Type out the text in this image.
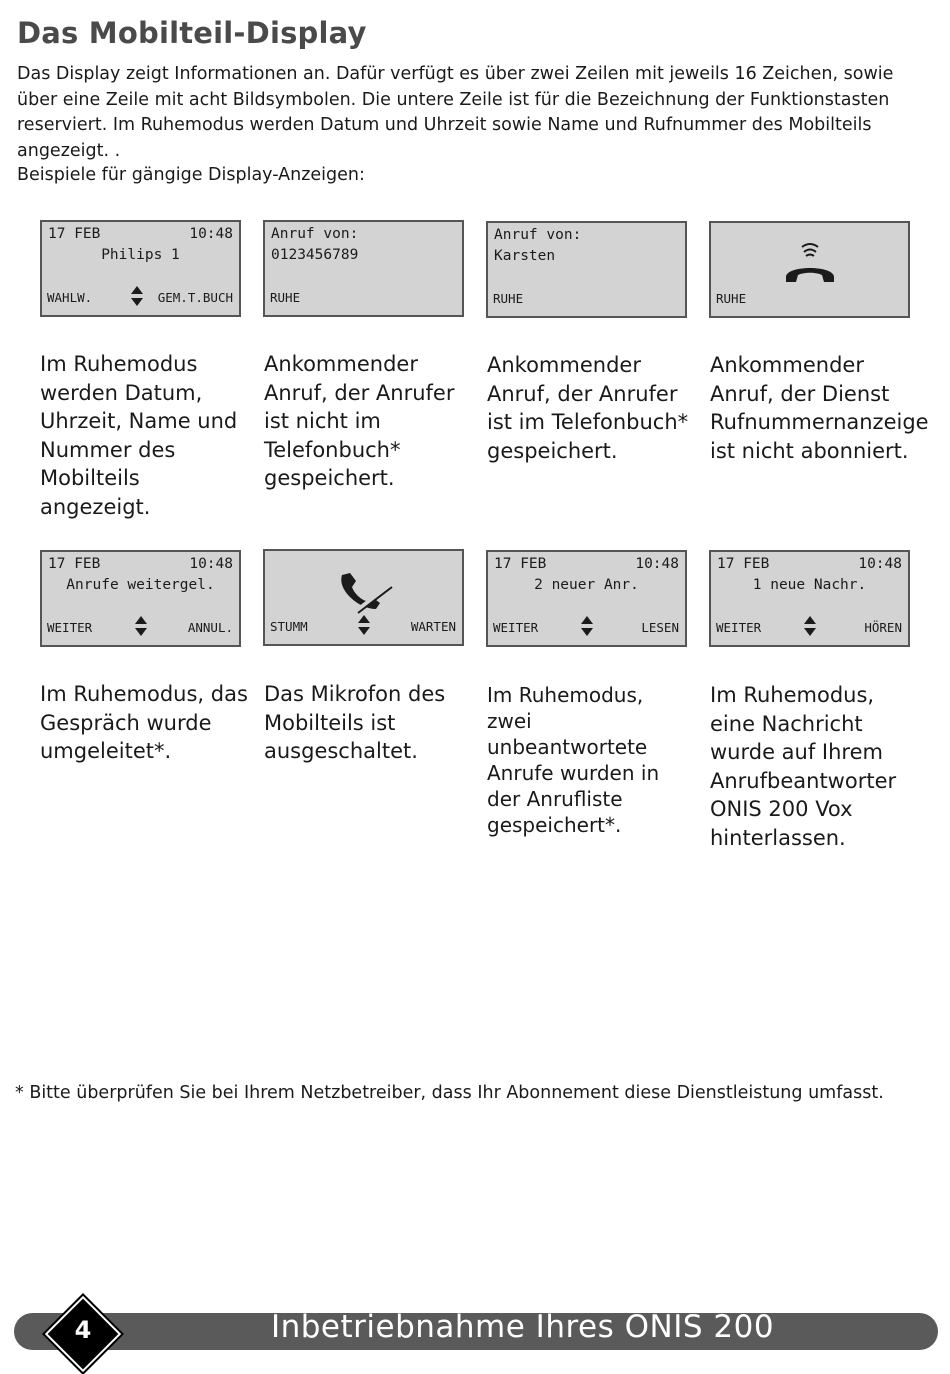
Das Mobilteil-Display

Das Display zeigt Informationen an. Dafür verfügt es über zwei Zeilen mit jeweils 16 Zeichen, sowie über eine Zeile mit acht Bildsymbolen. Die untere Zeile ist für die Bezeichnung der Funktionstasten reserviert. Im Ruhemodus werden Datum und Uhrzeit sowie Name und Rufnummer des Mobilteils angezeigt. .

Beispiele für gängige Display-Anzeigen:

17 FEB	10:48
Philips 1
WAHLW.	GEM.T.BUCH
Anruf von:
0123456789
RUHE
Anruf von:
Karsten
RUHE	RUHE

Im Ruhemodus werden Datum, Uhrzeit, Name und Nummer des Mobilteils angezeigt.

Ankommender Anruf, der Anrufer ist nicht im Telefonbuch* gespeichert.

Ankommender Anruf, der Anrufer ist im Telefonbuch* gespeichert.

Ankommender Anruf, der Dienst Rufnummernanzeige ist nicht abonniert.

17 FEB	10:48
Anrufe weitergel.
WEITER	ANNUL.	STUMM	WARTEN
17 FEB	10:48
2 neuer Anr.
WEITER	LESEN
17 FEB	10:48
1 neue Nachr.
WEITER	HÖREN

Im Ruhemodus, das Gespräch wurde umgeleitet*.

Das Mikrofon des Mobilteils ist ausgeschaltet.

Im Ruhemodus, zwei unbeantwortete Anrufe wurden in der Anrufliste gespeichert*.

Im Ruhemodus, eine Nachricht wurde auf Ihrem Anrufbeantworter ONIS 200 Vox hinterlassen.

* Bitte überprüfen Sie bei Ihrem Netzbetreiber, dass Ihr Abonnement diese Dienstleistung umfasst.

Inbetriebnahme Ihres ONIS 200
4
